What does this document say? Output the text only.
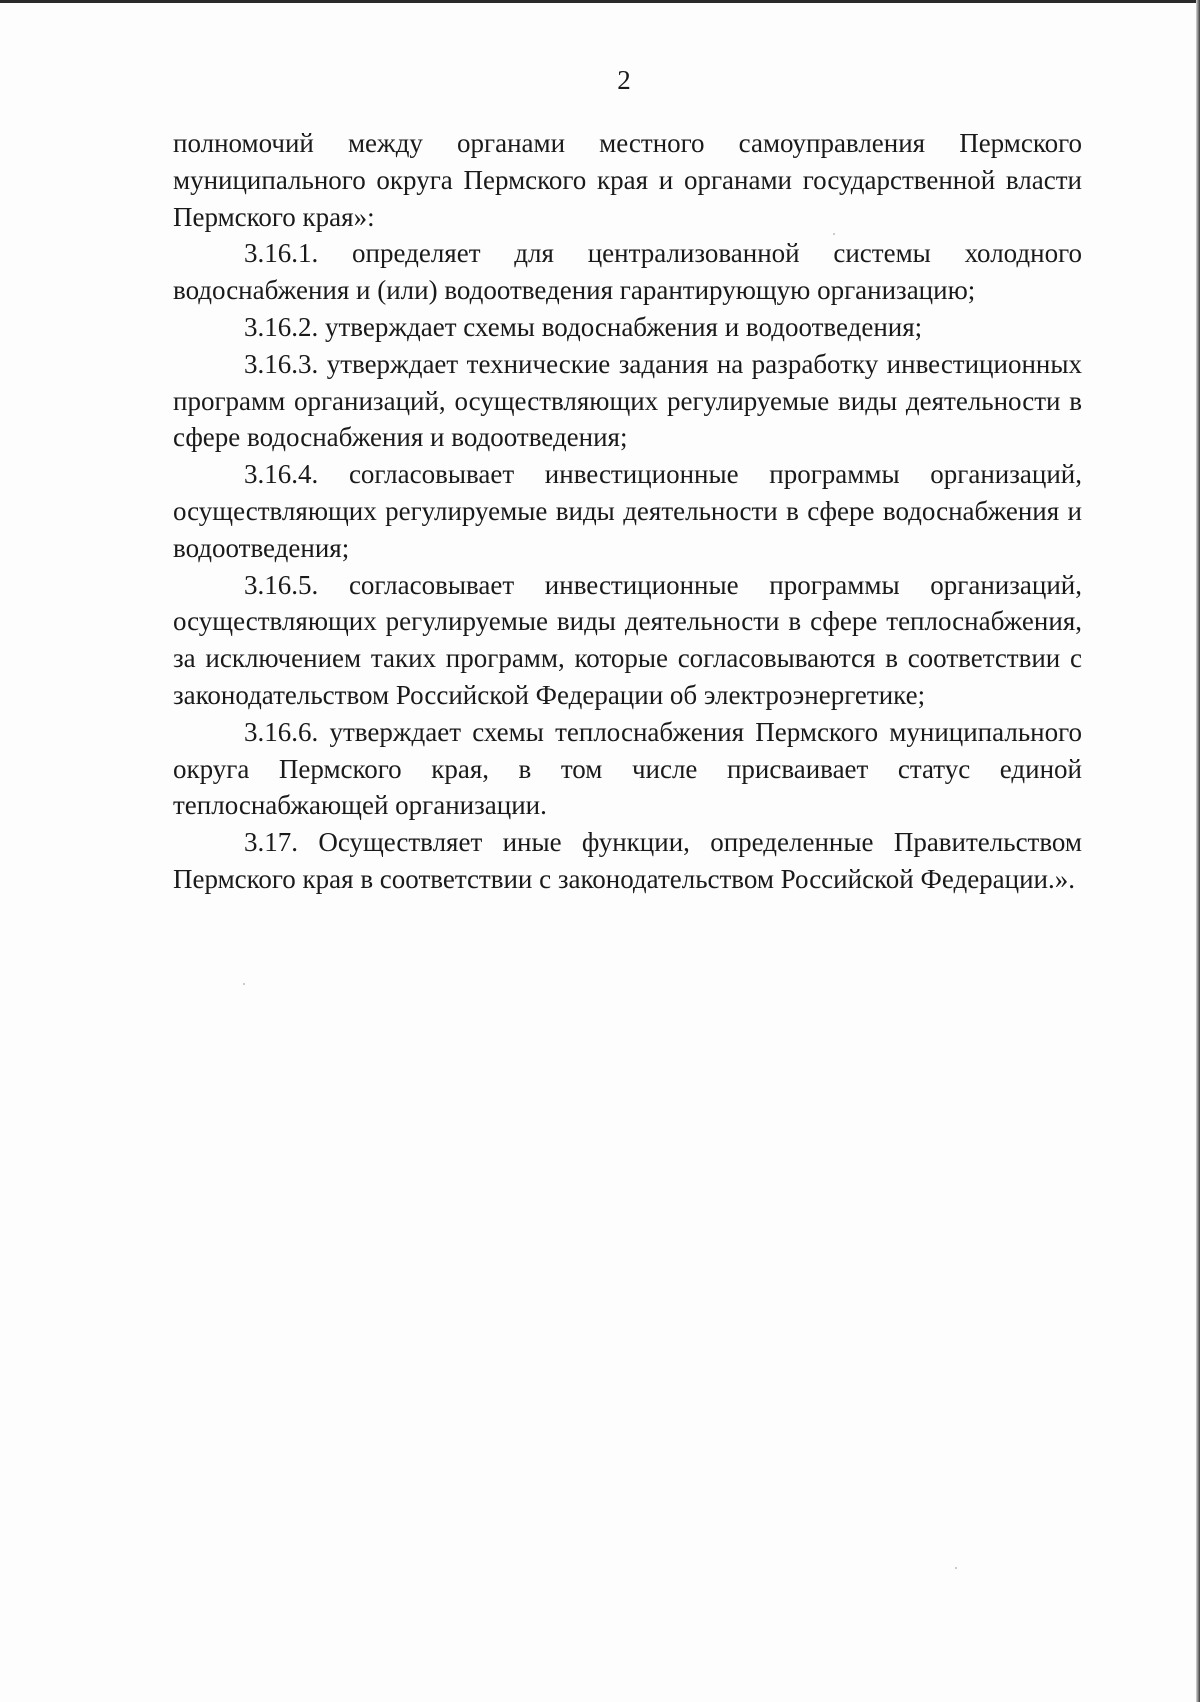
2

полномочий между органами местного самоуправления Пермского муниципального округа Пермского края и органами государственной власти Пермского края»:

3.16.1. определяет для централизованной системы холодного водоснабжения и (или) водоотведения гарантирующую организацию;

3.16.2. утверждает схемы водоснабжения и водоотведения;

3.16.3. утверждает технические задания на разработку инвестиционных программ организаций, осуществляющих регулируемые виды деятельности в сфере водоснабжения и водоотведения;

3.16.4. согласовывает инвестиционные программы организаций, осуществляющих регулируемые виды деятельности в сфере водоснабжения и водоотведения;

3.16.5. согласовывает инвестиционные программы организаций, осуществляющих регулируемые виды деятельности в сфере теплоснабжения, за исключением таких программ, которые согласовываются в соответствии с законодательством Российской Федерации об электроэнергетике;

3.16.6. утверждает схемы теплоснабжения Пермского муниципального округа Пермского края, в том числе присваивает статус единой теплоснабжающей организации.

3.17. Осуществляет иные функции, определенные Правительством Пермского края в соответствии с законодательством Российской Федерации.».
